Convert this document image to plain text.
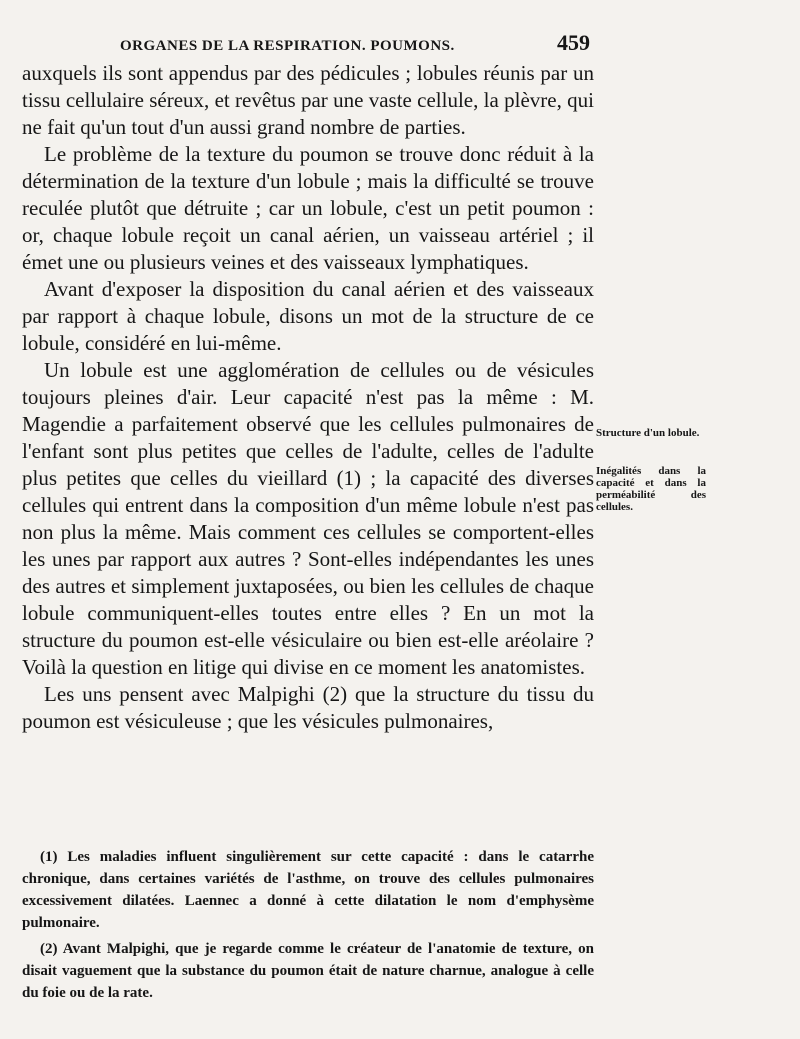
ORGANES DE LA RESPIRATION. POUMONS.	459

auxquels ils sont appendus par des pédicules ; lobules réunis par un tissu cellulaire séreux, et revêtus par une vaste cellule, la plèvre, qui ne fait qu'un tout d'un aussi grand nombre de parties.

Le problème de la texture du poumon se trouve donc réduit à la détermination de la texture d'un lobule ; mais la difficulté se trouve reculée plutôt que détruite ; car un lobule, c'est un petit poumon : or, chaque lobule reçoit un canal aérien, un vaisseau artériel ; il émet une ou plusieurs veines et des vaisseaux lymphatiques.

Avant d'exposer la disposition du canal aérien et des vaisseaux par rapport à chaque lobule, disons un mot de la structure de ce lobule, considéré en lui-même.

Un lobule est une agglomération de cellules ou de vésicules toujours pleines d'air. Leur capacité n'est pas la même : M. Magendie a parfaitement observé que les cellules pulmonaires de l'enfant sont plus petites que celles de l'adulte, celles de l'adulte plus petites que celles du vieillard (1) ; la capacité des diverses cellules qui entrent dans la composition d'un même lobule n'est pas non plus la même. Mais comment ces cellules se comportent-elles les unes par rapport aux autres ? Sont-elles indépendantes les unes des autres et simplement juxtaposées, ou bien les cellules de chaque lobule communiquent-elles toutes entre elles ? En un mot la structure du poumon est-elle vésiculaire ou bien est-elle aréolaire ? Voilà la question en litige qui divise en ce moment les anatomistes.

Les uns pensent avec Malpighi (2) que la structure du tissu du poumon est vésiculeuse ; que les vésicules pulmonaires,

Structure d'un lobule.
Inégalités dans la capacité et dans la perméabilité des cellules.

(1) Les maladies influent singulièrement sur cette capacité : dans le catarrhe chronique, dans certaines variétés de l'asthme, on trouve des cellules pulmonaires excessivement dilatées. Laennec a donné à cette dilatation le nom d'emphysème pulmonaire.

(2) Avant Malpighi, que je regarde comme le créateur de l'anatomie de texture, on disait vaguement que la substance du poumon était de nature charnue, analogue à celle du foie ou de la rate.
